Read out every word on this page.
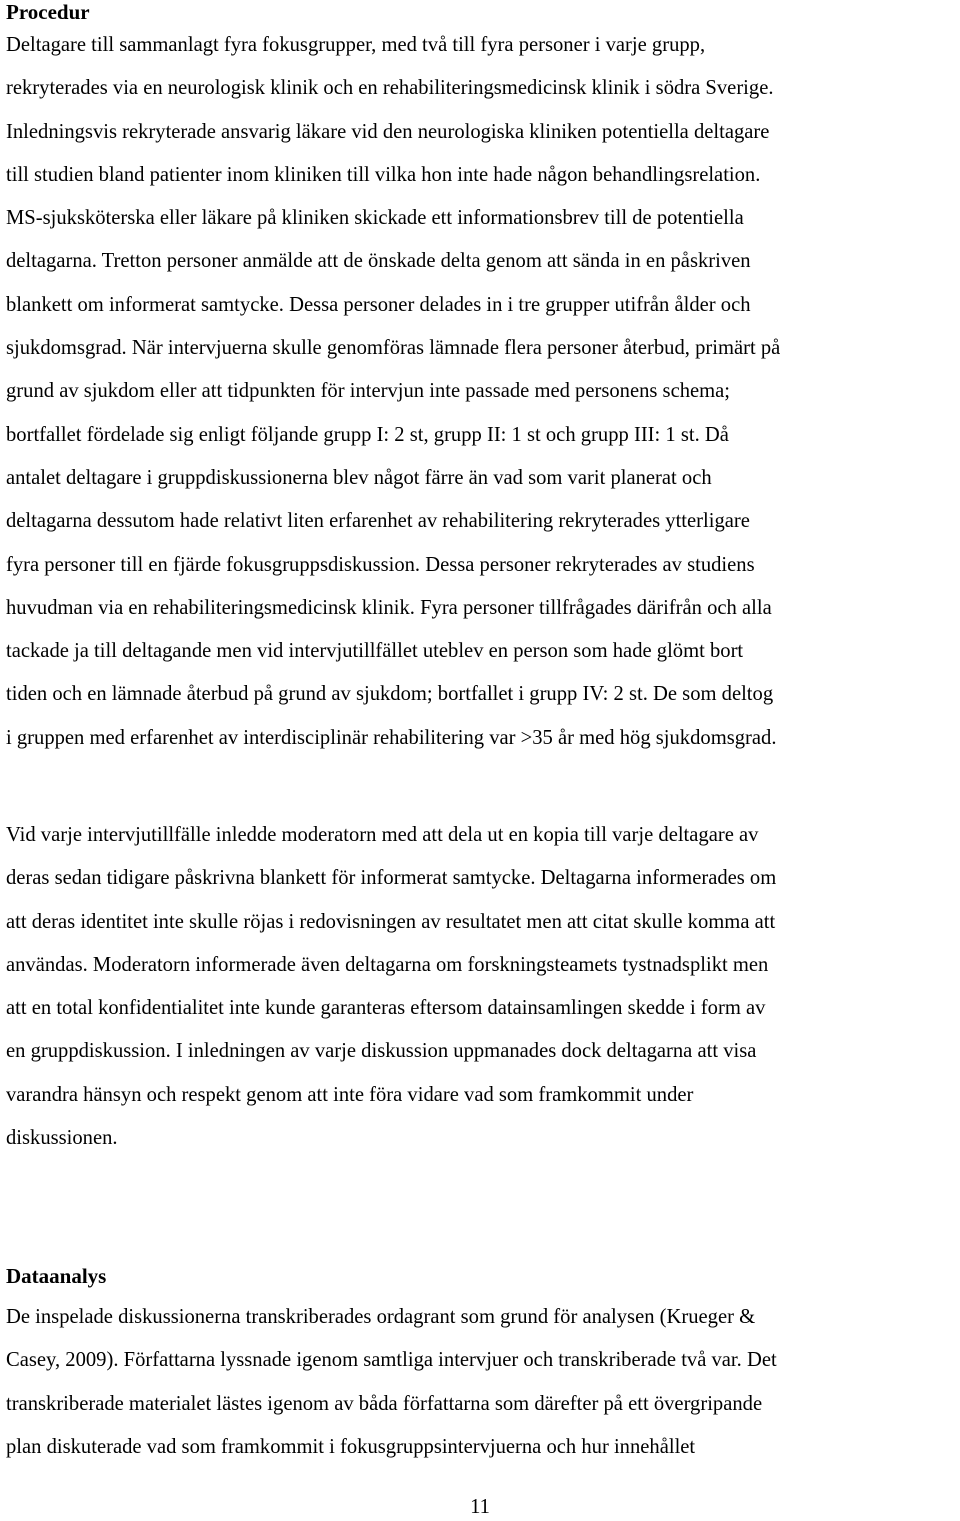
Procedur
Deltagare till sammanlagt fyra fokusgrupper, med två till fyra personer i varje grupp,
rekryterades via en neurologisk klinik och en rehabiliteringsmedicinsk klinik i södra Sverige.
Inledningsvis rekryterade ansvarig läkare vid den neurologiska kliniken potentiella deltagare
till studien bland patienter inom kliniken till vilka hon inte hade någon behandlingsrelation.
MS-sjuksköterska eller läkare på kliniken skickade ett informationsbrev till de potentiella
deltagarna. Tretton personer anmälde att de önskade delta genom att sända in en påskriven
blankett om informerat samtycke. Dessa personer delades in i tre grupper utifrån ålder och
sjukdomsgrad. När intervjuerna skulle genomföras lämnade flera personer återbud, primärt på
grund av sjukdom eller att tidpunkten för intervjun inte passade med personens schema;
bortfallet fördelade sig enligt följande grupp I: 2 st, grupp II: 1 st och grupp III: 1 st. Då
antalet deltagare i gruppdiskussionerna blev något färre än vad som varit planerat och
deltagarna dessutom hade relativt liten erfarenhet av rehabilitering rekryterades ytterligare
fyra personer till en fjärde fokusgruppsdiskussion. Dessa personer rekryterades av studiens
huvudman via en rehabiliteringsmedicinsk klinik. Fyra personer tillfrågades därifrån och alla
tackade ja till deltagande men vid intervjutillfället uteblev en person som hade glömt bort
tiden och en lämnade återbud på grund av sjukdom; bortfallet i grupp IV: 2 st. De som deltog
i gruppen med erfarenhet av interdisciplinär rehabilitering var >35 år med hög sjukdomsgrad.
Vid varje intervjutillfälle inledde moderatorn med att dela ut en kopia till varje deltagare av
deras sedan tidigare påskrivna blankett för informerat samtycke. Deltagarna informerades om
att deras identitet inte skulle röjas i redovisningen av resultatet men att citat skulle komma att
användas. Moderatorn informerade även deltagarna om forskningsteamets tystnadsplikt men
att en total konfidentialitet inte kunde garanteras eftersom datainsamlingen skedde i form av
en gruppdiskussion. I inledningen av varje diskussion uppmanades dock deltagarna att visa
varandra hänsyn och respekt genom att inte föra vidare vad som framkommit under
diskussionen.
Dataanalys
De inspelade diskussionerna transkriberades ordagrant som grund för analysen (Krueger &
Casey, 2009). Författarna lyssnade igenom samtliga intervjuer och transkriberade två var. Det
transkriberade materialet lästes igenom av båda författarna som därefter på ett övergripande
plan diskuterade vad som framkommit i fokusgruppsintervjuerna och hur innehållet
11
